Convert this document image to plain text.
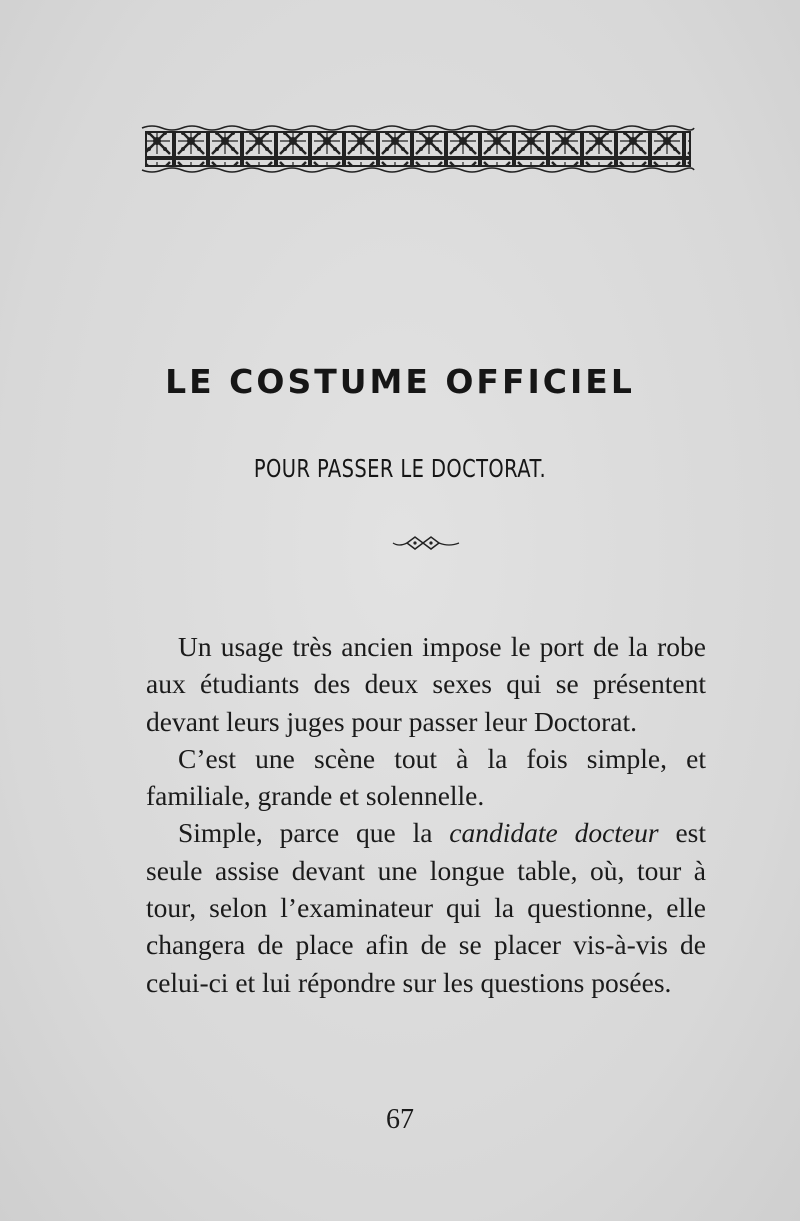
LE COSTUME OFFICIEL
POUR PASSER LE DOCTORAT.

Un usage très ancien impose le port de la robe aux étudiants des deux sexes qui se présentent devant leurs juges pour passer leur Doctorat.

C’est une scène tout à la fois simple, et familiale, grande et solennelle.

Simple, parce que la candidate docteur est seule assise devant une longue table, où, tour à tour, selon l’examinateur qui la questionne, elle changera de place afin de se placer vis-à-vis de celui-ci et lui répondre sur les questions posées.

67
